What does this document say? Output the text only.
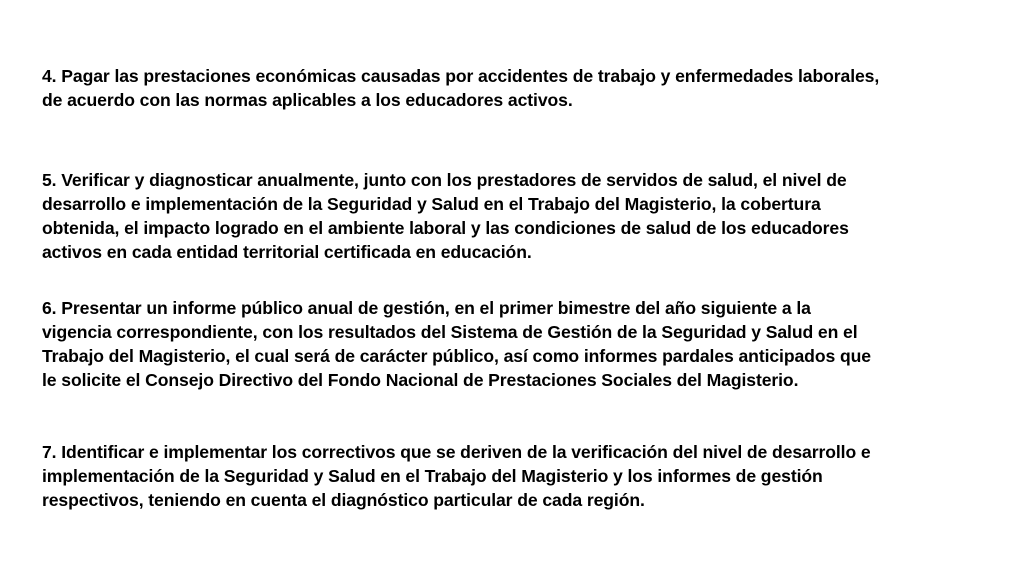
4. Pagar las prestaciones económicas causadas por accidentes de trabajo y enfermedades laborales,
de acuerdo con las normas aplicables a los educadores activos.

5. Verificar y diagnosticar anualmente, junto con los prestadores de servidos de salud, el nivel de
desarrollo e implementación de la Seguridad y Salud en el Trabajo del Magisterio, la cobertura
obtenida, el impacto logrado en el ambiente laboral y las condiciones de salud de los educadores
activos en cada entidad territorial certificada en educación.

6. Presentar un informe público anual de gestión, en el primer bimestre del año siguiente a la
vigencia correspondiente, con los resultados del Sistema de Gestión de la Seguridad y Salud en el
Trabajo del Magisterio, el cual será de carácter público, así como informes pardales anticipados que
le solicite el Consejo Directivo del Fondo Nacional de Prestaciones Sociales del Magisterio.

7. Identificar e implementar los correctivos que se deriven de la verificación del nivel de desarrollo e
implementación de la Seguridad y Salud en el Trabajo del Magisterio y los informes de gestión
respectivos, teniendo en cuenta el diagnóstico particular de cada región.
